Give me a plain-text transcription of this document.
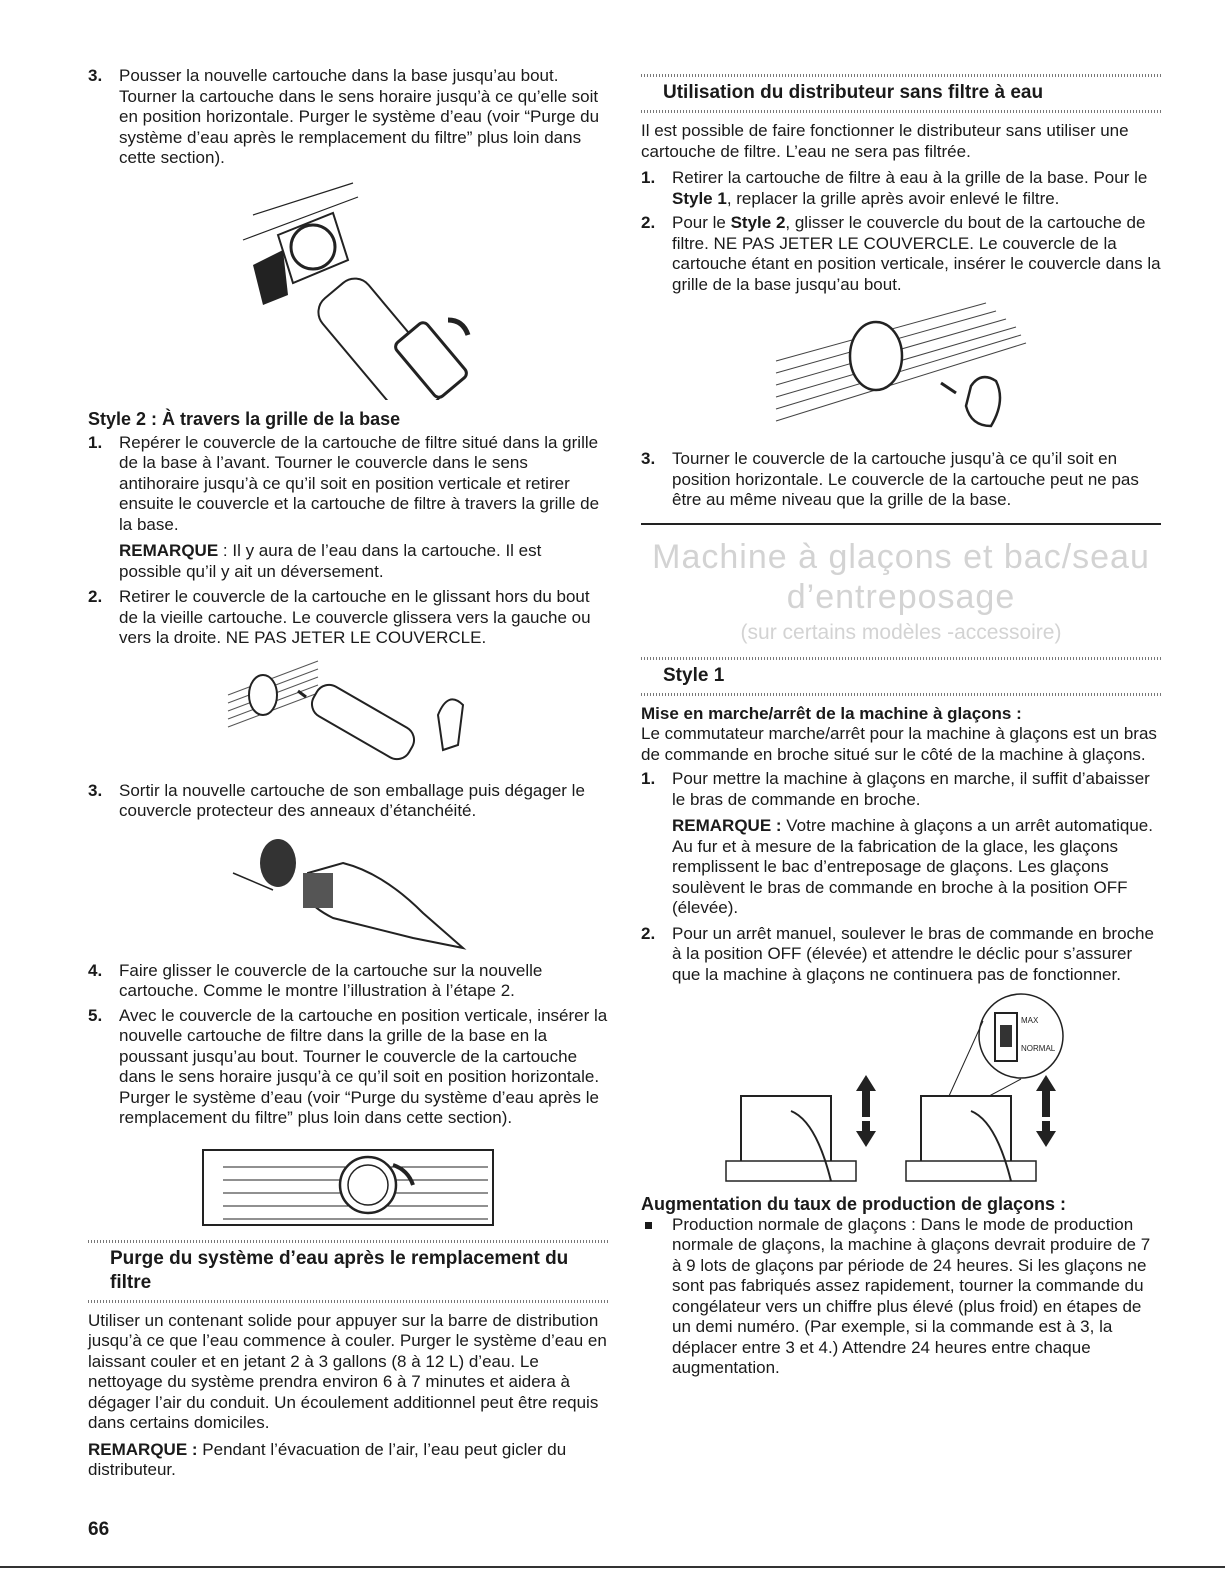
3. Pousser la nouvelle cartouche dans la base jusqu’au bout. Tourner la cartouche dans le sens horaire jusqu’à ce qu’elle soit en position horizontale. Purger le système d’eau (voir “Purge du système d’eau après le remplacement du filtre” plus loin dans cette section).

Style 2 : À travers la grille de la base
1. Repérer le couvercle de la cartouche de filtre situé dans la grille de la base à l’avant. Tourner le couvercle dans le sens antihoraire jusqu’à ce qu’il soit en position verticale et retirer ensuite le couvercle et la cartouche de filtre à travers la grille de la base.

REMARQUE : Il y aura de l’eau dans la cartouche. Il est possible qu’il y ait un déversement.

2. Retirer le couvercle de la cartouche en le glissant hors du bout de la vieille cartouche. Le couvercle glissera vers la gauche ou vers la droite. NE PAS JETER LE COUVERCLE.

3. Sortir la nouvelle cartouche de son emballage puis dégager le couvercle protecteur des anneaux d’étanchéité.

4. Faire glisser le couvercle de la cartouche sur la nouvelle cartouche. Comme le montre l’illustration à l’étape 2.

5. Avec le couvercle de la cartouche en position verticale, insérer la nouvelle cartouche de filtre dans la grille de la base en la poussant jusqu’au bout. Tourner le couvercle de la cartouche dans le sens horaire jusqu’à ce qu’il soit en position horizontale. Purger le système d’eau (voir “Purge du système d’eau après le remplacement du filtre” plus loin dans cette section).

Purge du système d’eau après le remplacement du filtre

Utiliser un contenant solide pour appuyer sur la barre de distribution jusqu’à ce que l’eau commence à couler. Purger le système d’eau en laissant couler et en jetant 2 à 3 gallons (8 à 12 L) d’eau. Le nettoyage du système prendra environ 6 à 7 minutes et aidera à dégager l’air du conduit. Un écoulement additionnel peut être requis dans certains domiciles.

REMARQUE : Pendant l’évacuation de l’air, l’eau peut gicler du distributeur.

Utilisation du distributeur sans filtre à eau

Il est possible de faire fonctionner le distributeur sans utiliser une cartouche de filtre. L’eau ne sera pas filtrée.

1. Retirer la cartouche de filtre à eau à la grille de la base. Pour le Style 1, replacer la grille après avoir enlevé le filtre.

2. Pour le Style 2, glisser le couvercle du bout de la cartouche de filtre. NE PAS JETER LE COUVERCLE. Le couvercle de la cartouche étant en position verticale, insérer le couvercle dans la grille de la base jusqu’au bout.

3. Tourner le couvercle de la cartouche jusqu’à ce qu’il soit en position horizontale. Le couvercle de la cartouche peut ne pas être au même niveau que la grille de la base.

Machine à glaçons et bac/seau
d’entreposage
(sur certains modèles -accessoire)
Style 1

Mise en marche/arrêt de la machine à glaçons :

Le commutateur marche/arrêt pour la machine à glaçons est un bras de commande en broche situé sur le côté de la machine à glaçons.

1. Pour mettre la machine à glaçons en marche, il suffit d’abaisser le bras de commande en broche.

REMARQUE : Votre machine à glaçons a un arrêt automatique. Au fur et à mesure de la fabrication de la glace, les glaçons remplissent le bac d’entreposage de glaçons. Les glaçons soulèvent le bras de commande en broche à la position OFF (élevée).

2. Pour un arrêt manuel, soulever le bras de commande en broche à la position OFF (élevée) et attendre le déclic pour s’assurer que la machine à glaçons ne continuera pas de fonctionner.

MAX
NORMAL

Augmentation du taux de production de glaçons :

Production normale de glaçons : Dans le mode de production normale de glaçons, la machine à glaçons devrait produire de 7 à 9 lots de glaçons par période de 24 heures. Si les glaçons ne sont pas fabriqués assez rapidement, tourner la commande du congélateur vers un chiffre plus élevé (plus froid) en étapes de un demi numéro. (Par exemple, si la commande est à 3, la déplacer entre 3 et 4.) Attendre 24 heures entre chaque augmentation.

66
